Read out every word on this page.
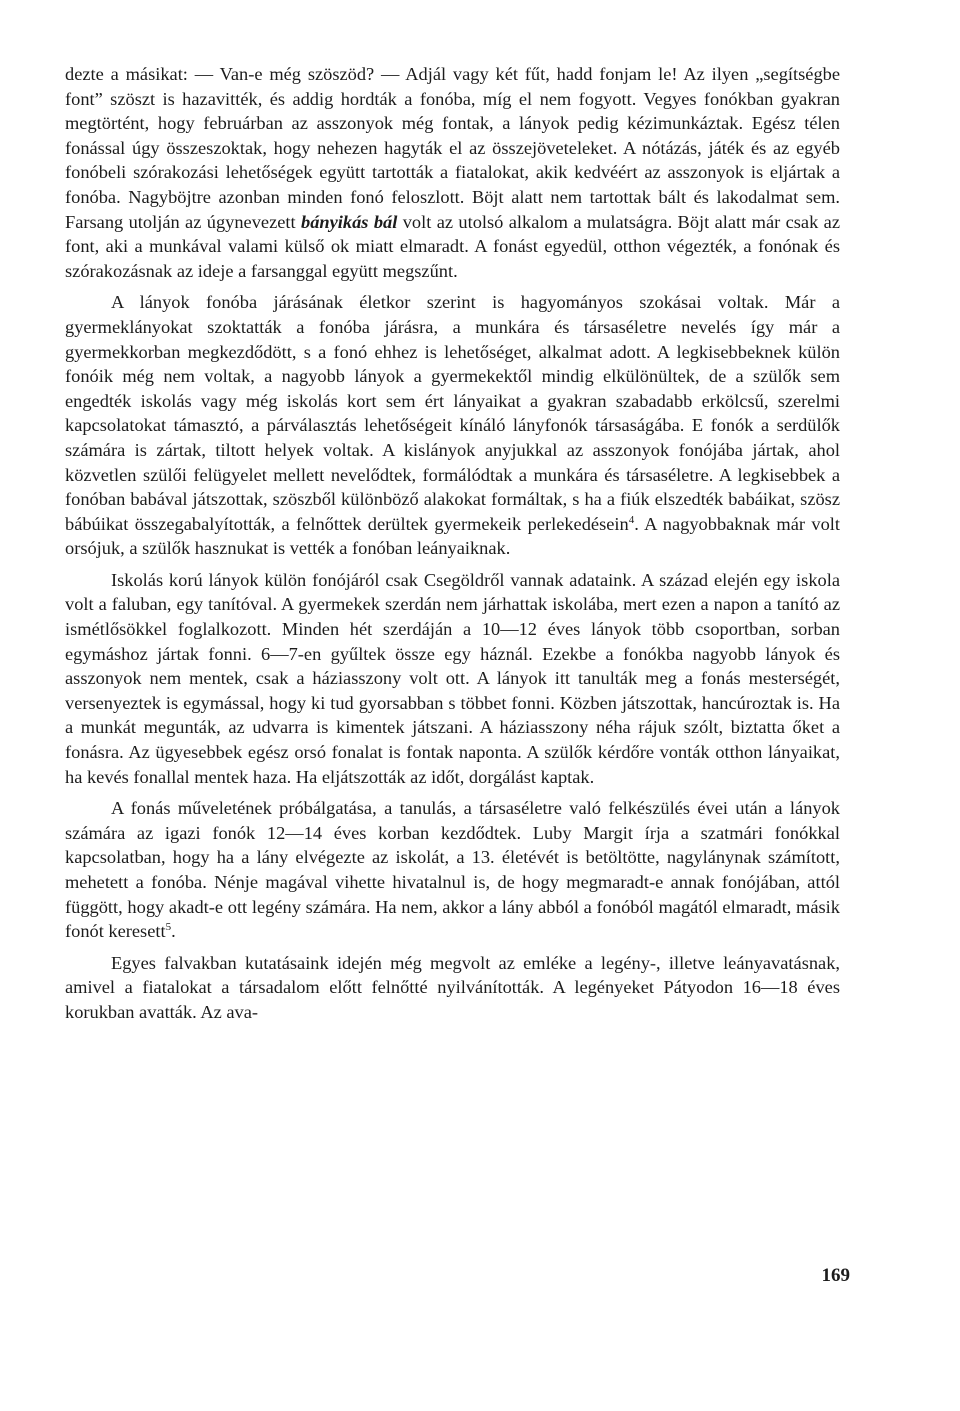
dezte a másikat: — Van-e még szöszöd? — Adjál vagy két fűt, hadd fonjam le! Az ilyen „segítségbe font” szöszt is hazavitték, és addig hordták a fonóba, míg el nem fogyott. Vegyes fonókban gyakran megtörtént, hogy februárban az asszonyok még fontak, a lányok pedig kézimunkáztak. Egész télen fonással úgy összeszoktak, hogy nehezen hagyták el az összejöveteleket. A nótázás, játék és az egyéb fonóbeli szórakozási lehetőségek együtt tartották a fiatalokat, akik kedvéért az asszonyok is eljártak a fonóba. Nagyböjtre azonban minden fonó feloszlott. Böjt alatt nem tartottak bált és lakodalmat sem. Farsang utolján az úgynevezett bányikás bál volt az utolsó alkalom a mulatságra. Böjt alatt már csak az font, aki a munkával valami külső ok miatt elmaradt. A fonást egyedül, otthon végezték, a fonónak és szórakozásnak az ideje a farsanggal együtt megszűnt.

A lányok fonóba járásának életkor szerint is hagyományos szokásai voltak. Már a gyermeklányokat szoktatták a fonóba járásra, a munkára és társaséletre nevelés így már a gyermekkorban megkezdődött, s a fonó ehhez is lehetőséget, alkalmat adott. A legkisebbeknek külön fonóik még nem voltak, a nagyobb lányok a gyermekektől mindig elkülönültek, de a szülők sem engedték iskolás vagy még iskolás kort sem ért lányaikat a gyakran szabadabb erkölcsű, szerelmi kapcsolatokat támasztó, a párválasztás lehetőségeit kínáló lányfonók társaságába. E fonók a serdülők számára is zártak, tiltott helyek voltak. A kislányok anyjukkal az asszonyok fonójába jártak, ahol közvetlen szülői felügyelet mellett nevelődtek, formálódtak a munkára és társaséletre. A legkisebbek a fonóban babával játszottak, szöszből különböző alakokat formáltak, s ha a fiúk elszedték babáikat, szösz bábúikat összegabalyították, a felnőttek derültek gyermekeik perlekedésein$^4$. A nagyobbaknak már volt orsójuk, a szülők hasznukat is vették a fonóban leányaiknak.

Iskolás korú lányok külön fonójáról csak Csegöldről vannak adataink. A század elején egy iskola volt a faluban, egy tanítóval. A gyermekek szerdán nem járhattak iskolába, mert ezen a napon a tanító az ismétlősökkel foglalkozott. Minden hét szerdáján a 10—12 éves lányok több csoportban, sorban egymáshoz jártak fonni. 6—7-en gyűltek össze egy háznál. Ezekbe a fonókba nagyobb lányok és asszonyok nem mentek, csak a háziasszony volt ott. A lányok itt tanulták meg a fonás mesterségét, versenyeztek is egymással, hogy ki tud gyorsabban s többet fonni. Közben játszottak, hancúroztak is. Ha a munkát megunták, az udvarra is kimentek játszani. A háziasszony néha rájuk szólt, biztatta őket a fonásra. Az ügyesebbek egész orsó fonalat is fontak naponta. A szülők kérdőre vonták otthon lányaikat, ha kevés fonallal mentek haza. Ha eljátszották az időt, dorgálást kaptak.

A fonás műveletének próbálgatása, a tanulás, a társaséletre való felkészülés évei után a lányok számára az igazi fonók 12—14 éves korban kezdődtek. Luby Margit írja a szatmári fonókkal kapcsolatban, hogy ha a lány elvégezte az iskolát, a 13. életévét is betöltötte, nagylánynak számított, mehetett a fonóba. Nénje magával vihette hivatalnul is, de hogy megmaradt-e annak fonójában, attól függött, hogy akadt-e ott legény számára. Ha nem, akkor a lány abból a fonóból magától elmaradt, másik fonót keresett$^5$.

Egyes falvakban kutatásaink idején még megvolt az emléke a legény-, illetve leányavatásnak, amivel a fiatalokat a társadalom előtt felnőtté nyilvánították. A legényeket Pátyodon 16—18 éves korukban avatták. Az ava-

169
